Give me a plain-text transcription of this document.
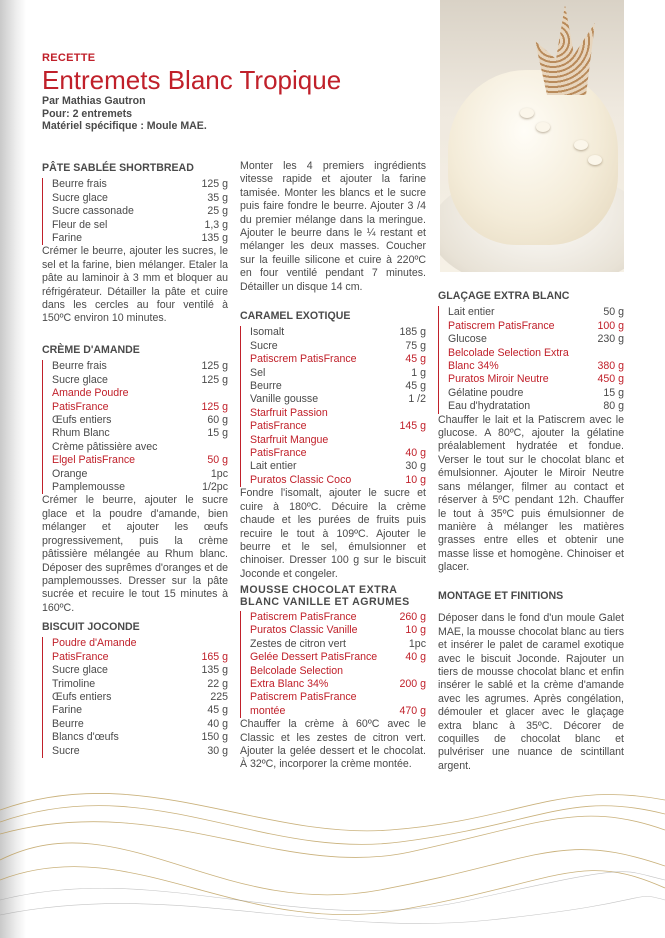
RECETTE
Entremets Blanc Tropique
Par Mathias Gautron
Pour: 2 entremets
Matériel spécifique : Moule MAE.
PÂTE SABLÉE SHORTBREAD
Beurre frais	125 g
Sucre glace	35 g
Sucre cassonade	25 g
Fleur de sel	1,3 g
Farine	135 g
Crémer le beurre, ajouter les sucres, le sel et la farine, bien mélanger. Etaler la pâte au laminoir à 3 mm et bloquer au réfrigérateur. Détailler la pâte et cuire dans les cercles au four ventilé à 150ºC environ 10 minutes.
CRÈME D'AMANDE
Beurre frais	125 g
Sucre glace	125 g
Amande Poudre
PatisFrance	125 g
Œufs entiers	60 g
Rhum Blanc	15 g
Crème pâtissière avec
Elgel PatisFrance	50 g
Orange	1pc
Pamplemousse	1/2pc
Crémer le beurre, ajouter le sucre glace et la poudre d'amande, bien mélanger et ajouter les œufs progressivement, puis la crème pâtissière mélangée au Rhum blanc. Déposer des suprêmes d'oranges et de pamplemousses. Dresser sur la pâte sucrée et recuire le tout 15 minutes à 160ºC.
BISCUIT JOCONDE
Poudre d'Amande
PatisFrance	165 g
Sucre glace	135 g
Trimoline	22 g
Œufs entiers	225
Farine	45 g
Beurre	40 g
Blancs d'œufs	150 g
Sucre	30 g
Monter les 4 premiers ingrédients vitesse rapide et ajouter la farine tamisée. Monter les blancs et le sucre puis faire fondre le beurre. Ajouter 3 /4 du premier mélange dans la meringue. Ajouter le beurre dans le ¼ restant et mélanger les deux masses. Coucher sur la feuille silicone et cuire à 220ºC en four ventilé pendant 7 minutes. Détailler un disque 14 cm.
CARAMEL EXOTIQUE
Isomalt	185 g
Sucre	75 g
Patiscrem PatisFrance	45 g
Sel	1 g
Beurre	45 g
Vanille gousse	1 /2
Starfruit Passion
PatisFrance	145 g
Starfruit Mangue
PatisFrance	40 g
Lait entier	30 g
Puratos Classic Coco	10 g
Fondre l'isomalt, ajouter le sucre et cuire à 180ºC. Décuire la crème chaude et les purées de fruits puis recuire le tout à 109ºC. Ajouter le beurre et le sel, émulsionner et chinoiser. Dresser 100 g sur le biscuit Joconde et congeler.
MOUSSE CHOCOLAT EXTRA BLANC VANILLE ET AGRUMES
Patiscrem PatisFrance	260 g
Puratos Classic Vanille	10 g
Zestes de citron vert	1pc
Gelée Dessert PatisFrance	40 g
Belcolade Selection
Extra Blanc 34%	200 g
Patiscrem PatisFrance
montée	470 g
Chauffer la crème à 60ºC avec le Classic et les zestes de citron vert. Ajouter la gelée dessert et le chocolat. À 32ºC, incorporer la crème montée.
GLAÇAGE EXTRA BLANC
Lait entier	50 g
Patiscrem PatisFrance	100 g
Glucose	230 g
Belcolade Selection Extra
Blanc 34%	380 g
Puratos Miroir Neutre	450 g
Gélatine poudre	15 g
Eau d'hydratation	80 g
Chauffer le lait et la Patiscrem avec le glucose. A 80ºC, ajouter la gélatine préalablement hydratée et fondue. Verser le tout sur le chocolat blanc et émulsionner. Ajouter le Miroir Neutre sans mélanger, filmer au contact et réserver à 5ºC pendant 12h. Chauffer le tout à 35ºC puis émulsionner de manière à mélanger les matières grasses entre elles et obtenir une masse lisse et homogène. Chinoiser et glacer.
MONTAGE ET FINITIONS
Déposer dans le fond d'un moule Galet MAE, la mousse chocolat blanc au tiers et insérer le palet de caramel exotique avec le biscuit Joconde. Rajouter un tiers de mousse chocolat blanc et enfin insérer le sablé et la crème d'amande avec les agrumes. Après congélation, démouler et glacer avec le glaçage extra blanc à 35ºC. Décorer de coquilles de chocolat blanc et pulvériser une nuance de scintillant argent.
